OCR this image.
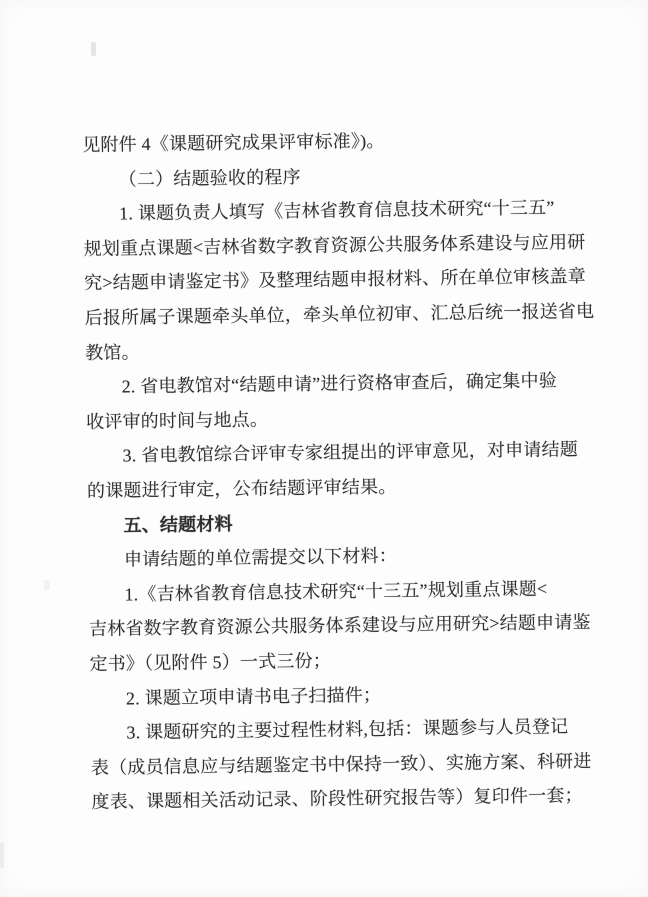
见附件 4《课题研究成果评审标准》)。

（二）结题验收的程序

1. 课题负责人填写《吉林省教育信息技术研究“十三五”

规划重点课题<吉林省数字教育资源公共服务体系建设与应用研

究>结题申请鉴定书》及整理结题申报材料、所在单位审核盖章

后报所属子课题牵头单位，牵头单位初审、汇总后统一报送省电

教馆。

2. 省电教馆对“结题申请”进行资格审查后，确定集中验

收评审的时间与地点。

3. 省电教馆综合评审专家组提出的评审意见，对申请结题

的课题进行审定，公布结题评审结果。

五、结题材料

申请结题的单位需提交以下材料：

1.《吉林省教育信息技术研究“十三五”规划重点课题<

吉林省数字教育资源公共服务体系建设与应用研究>结题申请鉴

定书》（见附件 5）一式三份；

2. 课题立项申请书电子扫描件；

3. 课题研究的主要过程性材料,包括：课题参与人员登记

表（成员信息应与结题鉴定书中保持一致）、实施方案、科研进

度表、课题相关活动记录、阶段性研究报告等）复印件一套；
